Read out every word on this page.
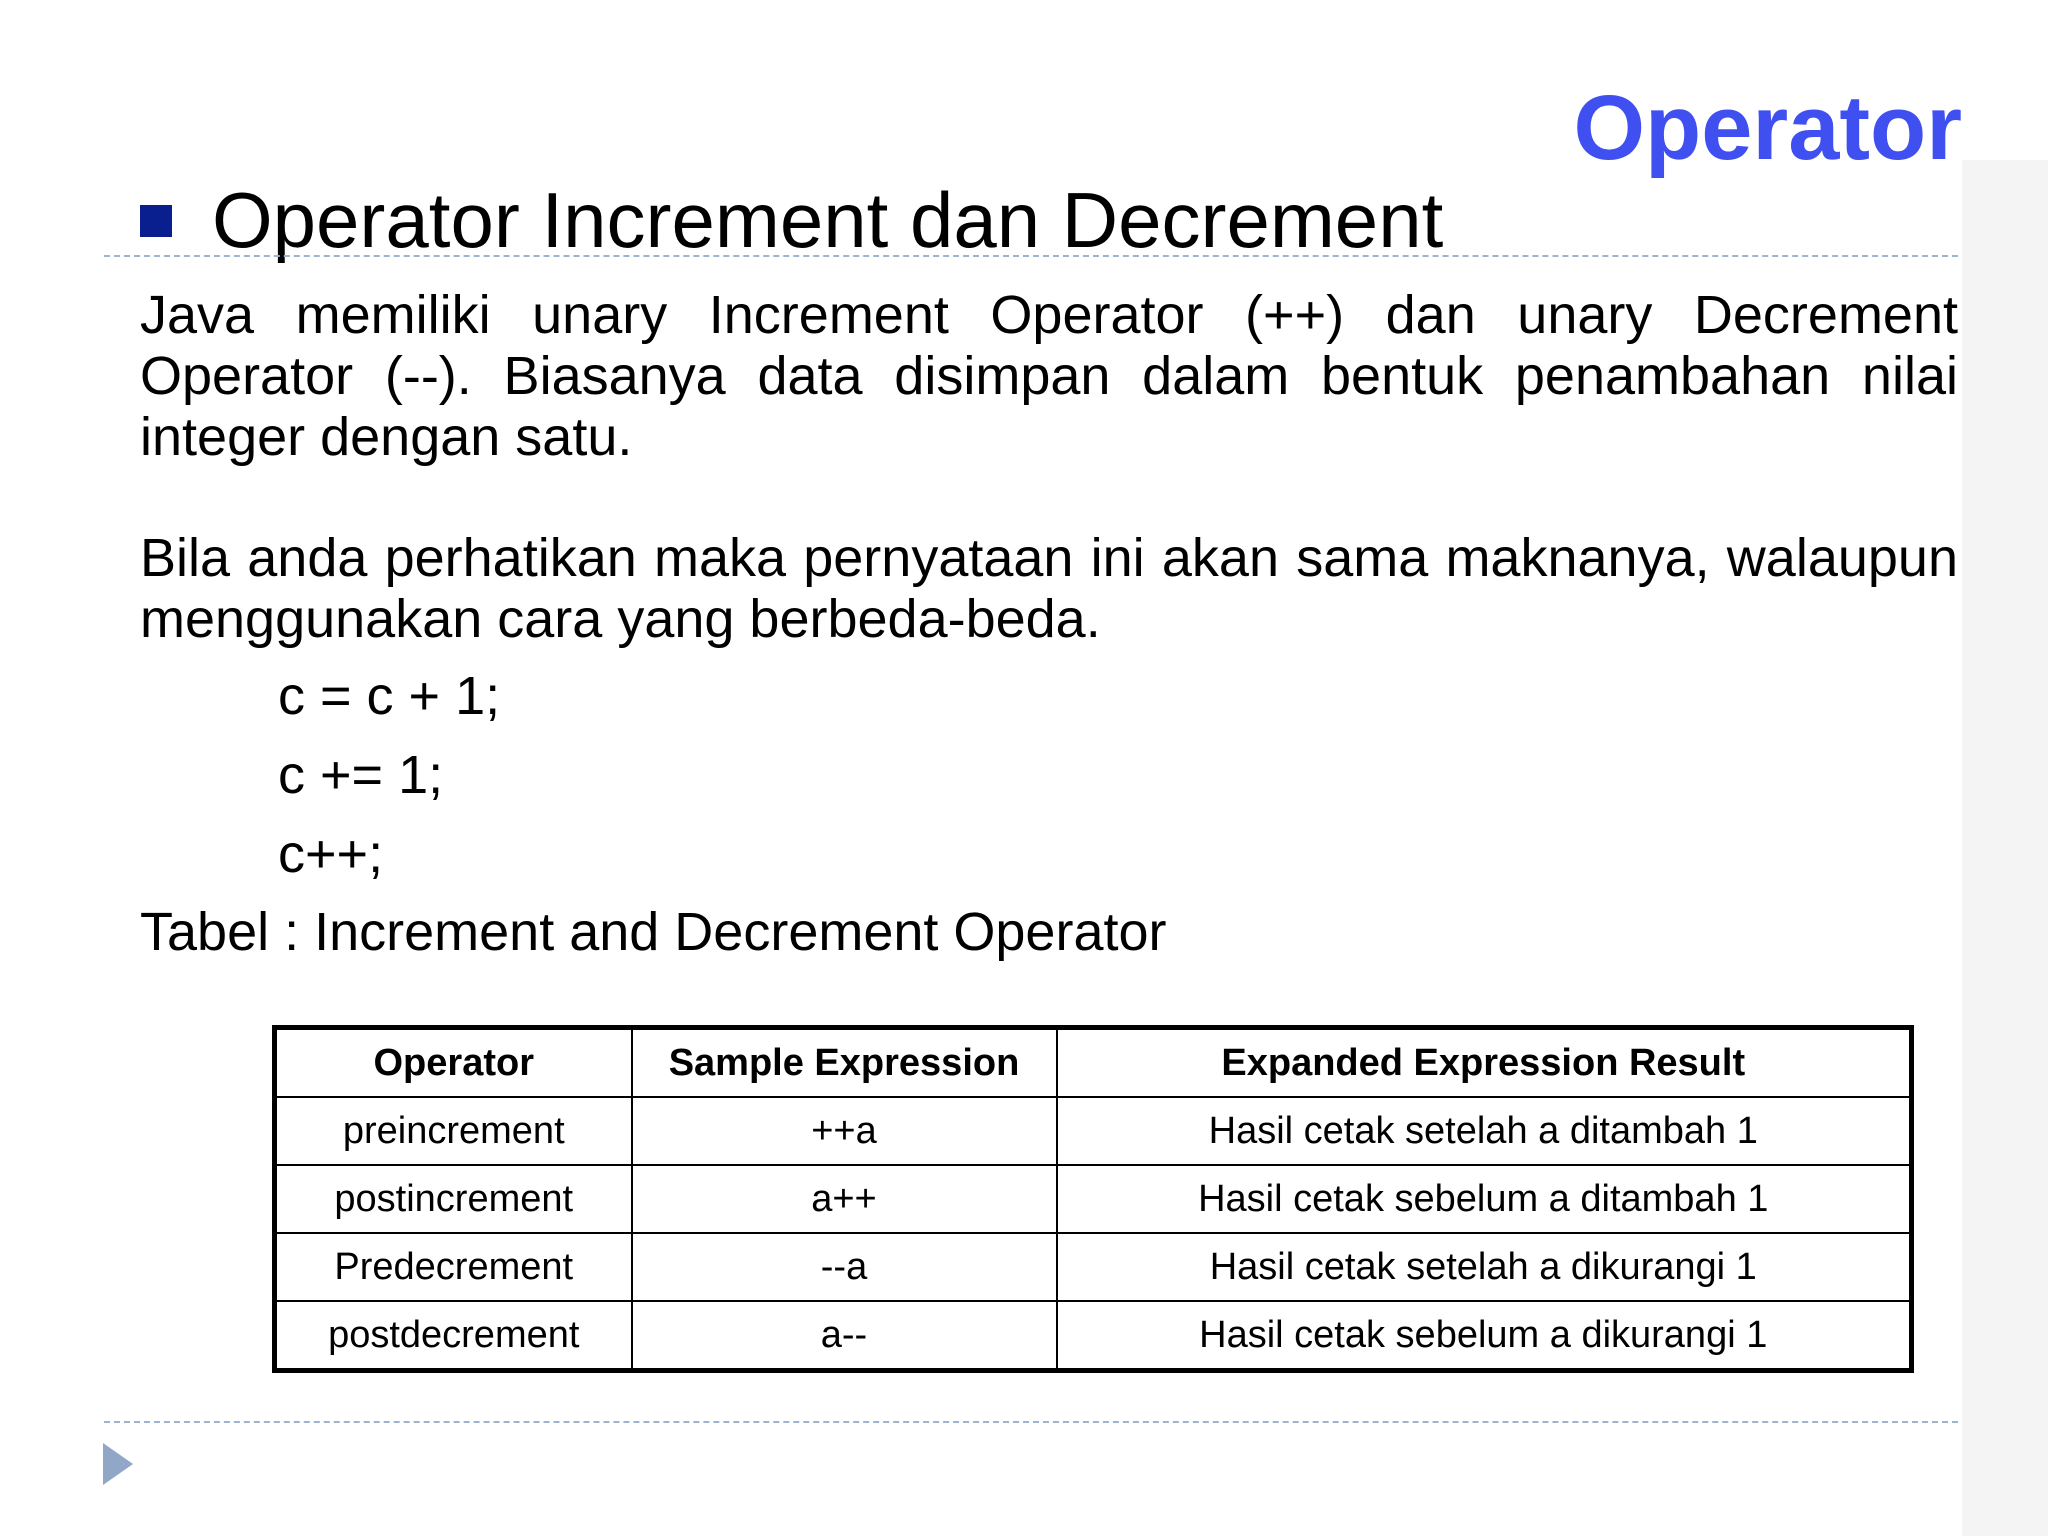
Operator
Operator Increment dan Decrement

Java memiliki unary Increment Operator (++) dan unary Decrement Operator (--). Biasanya data disimpan dalam bentuk penambahan nilai integer dengan satu.

Bila anda perhatikan maka pernyataan ini akan sama maknanya, walaupun menggunakan cara yang berbeda-beda.

c = c + 1;

c += 1;

c++;

Tabel : Increment and Decrement Operator

Operator	Sample Expression	Expanded Expression Result
preincrement	++a	Hasil cetak setelah a ditambah 1
postincrement	a++	Hasil cetak sebelum a ditambah 1
Predecrement	--a	Hasil cetak setelah a dikurangi 1
postdecrement	a--	Hasil cetak sebelum a dikurangi 1
